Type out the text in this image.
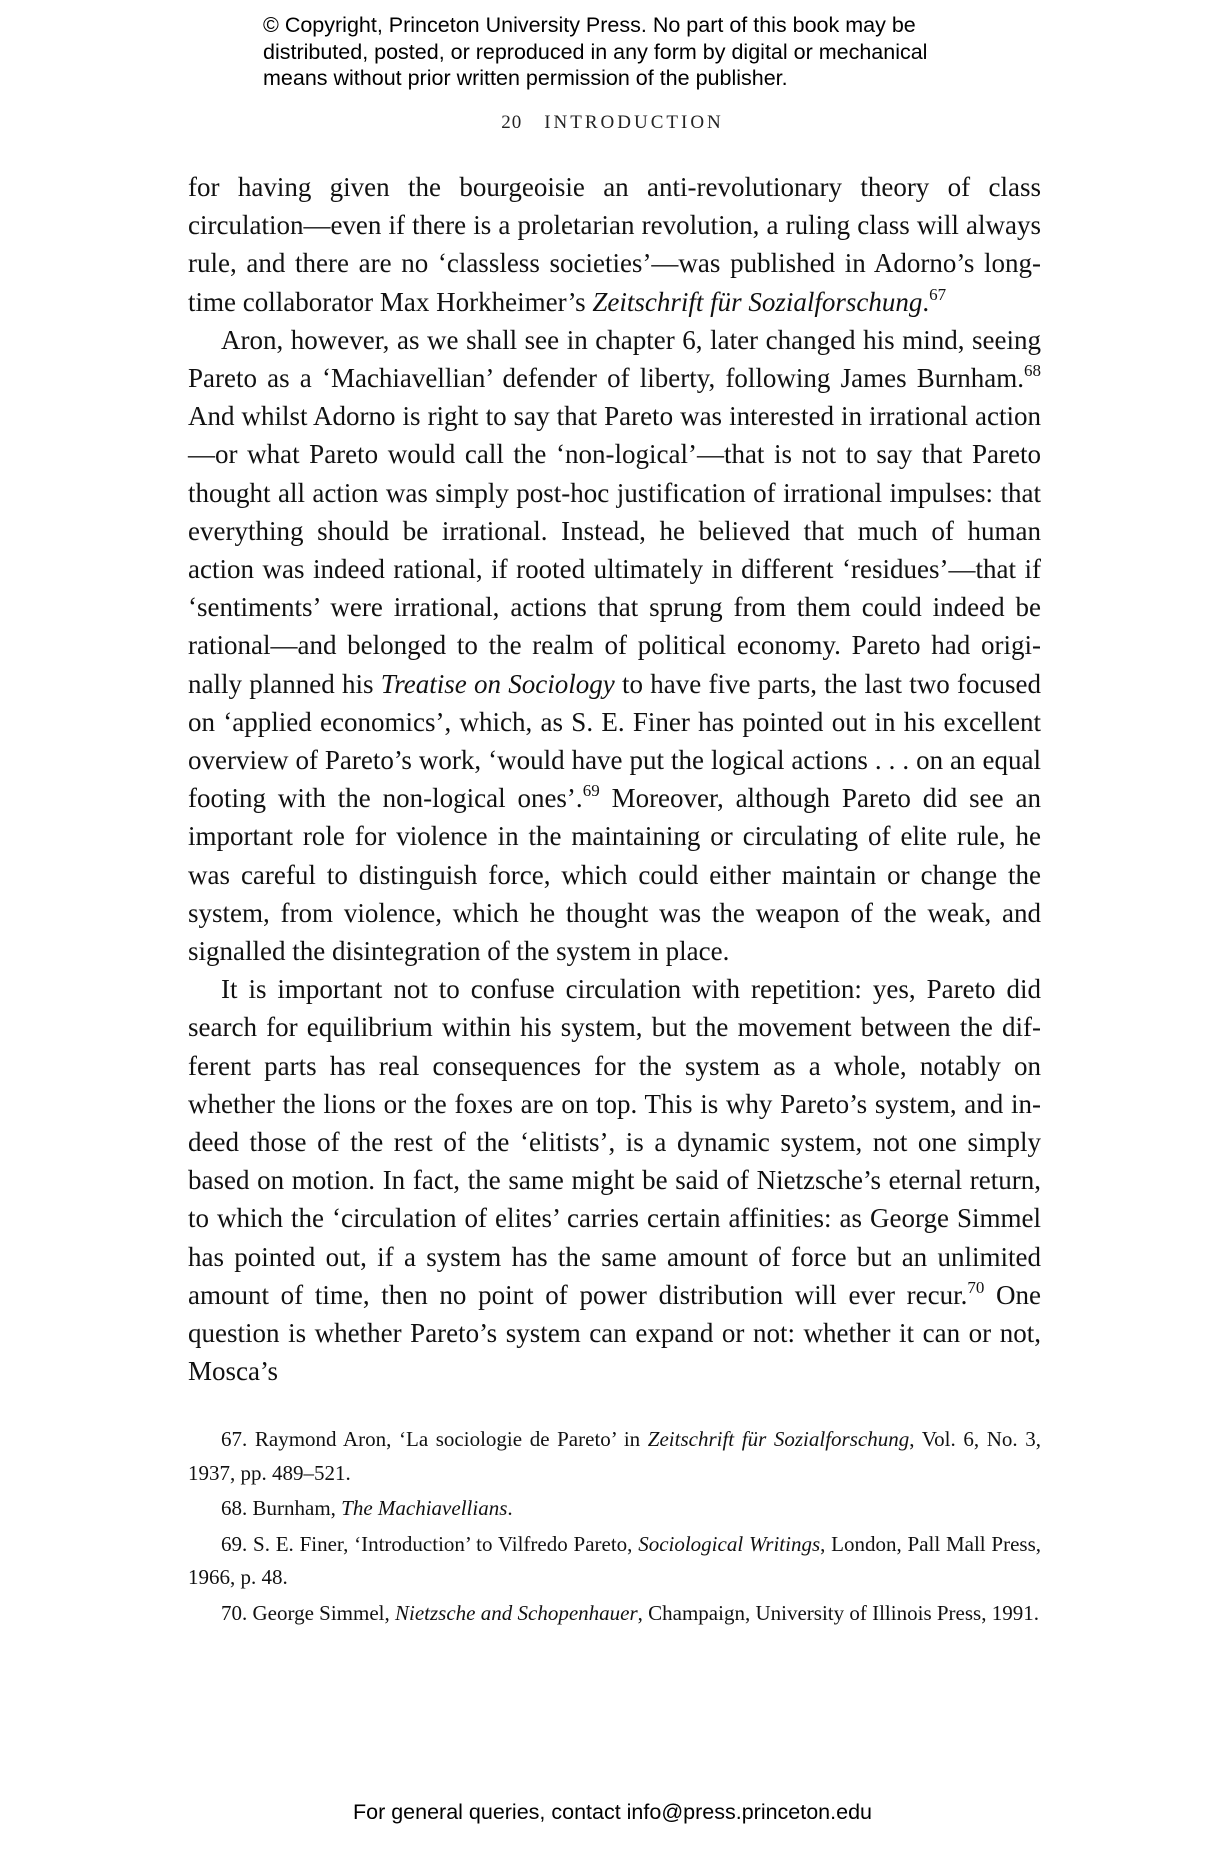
© Copyright, Princeton University Press. No part of this book may be distributed, posted, or reproduced in any form by digital or mechanical means without prior written permission of the publisher.
20 INTRODUCTION

for having given the bourgeoisie an anti-revolutionary theory of class circulation—even if there is a proletarian revolution, a ruling class will always rule, and there are no ‘classless societies’—was published in Adorno’s long-time collaborator Max Horkheimer’s Zeitschrift für Sozialforschung.$^{67}$

Aron, however, as we shall see in chapter 6, later changed his mind, seeing Pareto as a ‘Machiavellian’ defender of liberty, following James Burnham.$^{68}$ And whilst Adorno is right to say that Pareto was interested in irrational action—or what Pareto would call the ‘non-logical’—that is not to say that Pareto thought all action was simply post-hoc justification of irrational impulses: that everything should be irrational. Instead, he believed that much of human action was indeed rational, if rooted ultimately in different ‘residues’—that if ‘sentiments’ were irrational, actions that sprung from them could indeed be rational—and belonged to the realm of political economy. Pareto had originally planned his Treatise on Sociology to have five parts, the last two focused on ‘applied economics’, which, as S. E. Finer has pointed out in his excellent overview of Pareto’s work, ‘would have put the logical actions . . . on an equal footing with the non-logical ones’.$^{69}$ Moreover, although Pareto did see an important role for violence in the maintaining or circulating of elite rule, he was careful to distinguish force, which could either maintain or change the system, from violence, which he thought was the weapon of the weak, and signalled the disintegration of the system in place.

It is important not to confuse circulation with repetition: yes, Pareto did search for equilibrium within his system, but the movement between the different parts has real consequences for the system as a whole, notably on whether the lions or the foxes are on top. This is why Pareto’s system, and indeed those of the rest of the ‘elitists’, is a dynamic system, not one simply based on motion. In fact, the same might be said of Nietzsche’s eternal return, to which the ‘circulation of elites’ carries certain affinities: as George Simmel has pointed out, if a system has the same amount of force but an unlimited amount of time, then no point of power distribution will ever recur.$^{70}$ One question is whether Pareto’s system can expand or not: whether it can or not, Mosca’s

67. Raymond Aron, ‘La sociologie de Pareto’ in Zeitschrift für Sozialforschung, Vol. 6, No. 3, 1937, pp. 489–521.

68. Burnham, The Machiavellians.

69. S. E. Finer, ‘Introduction’ to Vilfredo Pareto, Sociological Writings, London, Pall Mall Press, 1966, p. 48.

70. George Simmel, Nietzsche and Schopenhauer, Champaign, University of Illinois Press, 1991.

For general queries, contact info@press.princeton.edu
